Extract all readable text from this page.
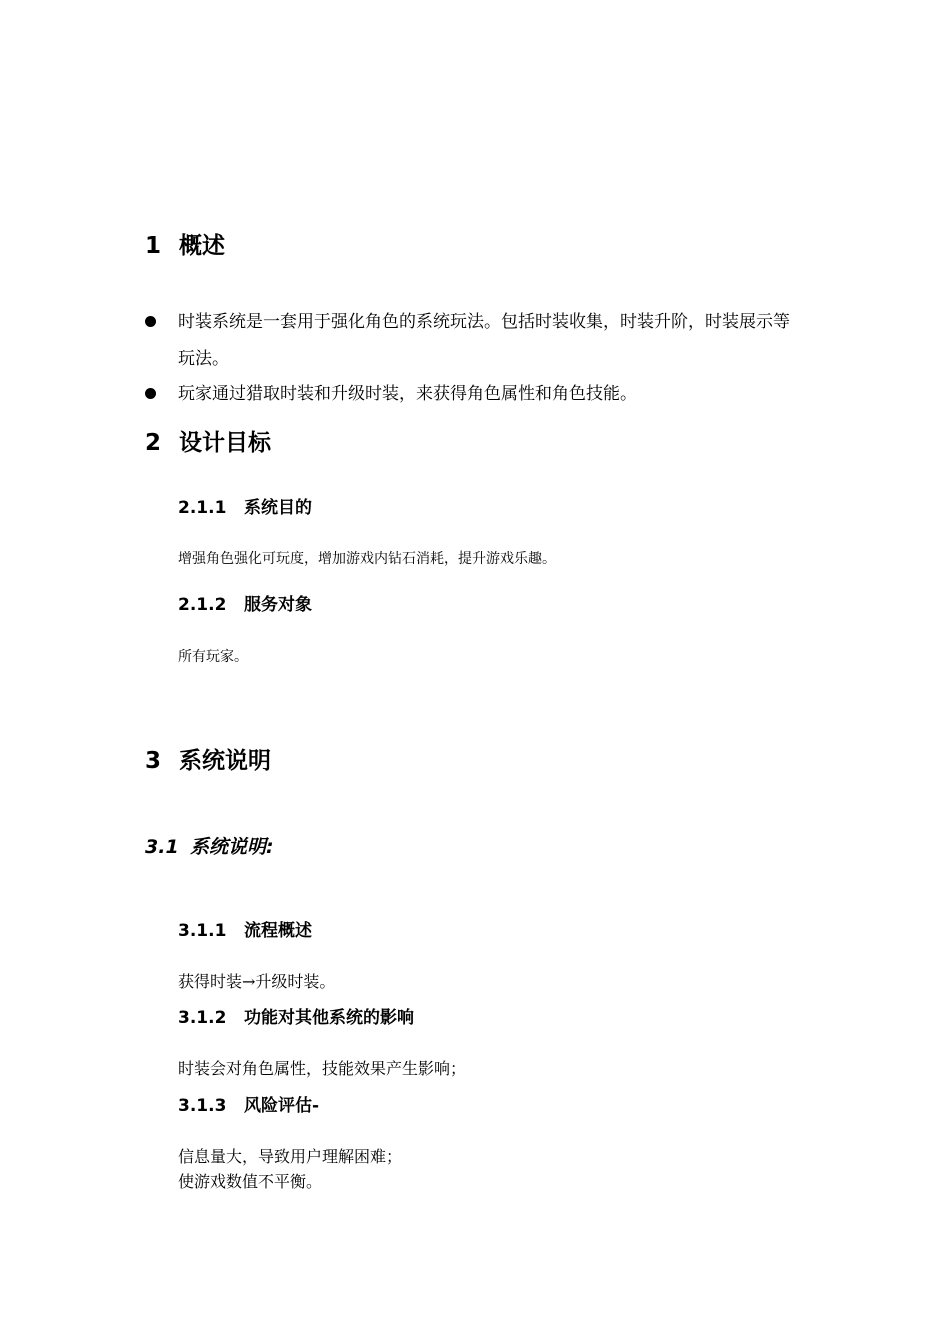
1 概述
时装系统是一套用于强化角色的系统玩法。包括时装收集，时装升阶，时装展示等玩法。
玩家通过猎取时装和升级时装，来获得角色属性和角色技能。
2 设计目标
2.1.1 系统目的
增强角色强化可玩度，增加游戏内钻石消耗，提升游戏乐趣。
2.1.2 服务对象
所有玩家。
3 系统说明
3.1 系统说明:
3.1.1 流程概述
获得时装→升级时装。
3.1.2 功能对其他系统的影响
时装会对角色属性，技能效果产生影响；
3.1.3 风险评估-
信息量大，导致用户理解困难；
使游戏数值不平衡。
